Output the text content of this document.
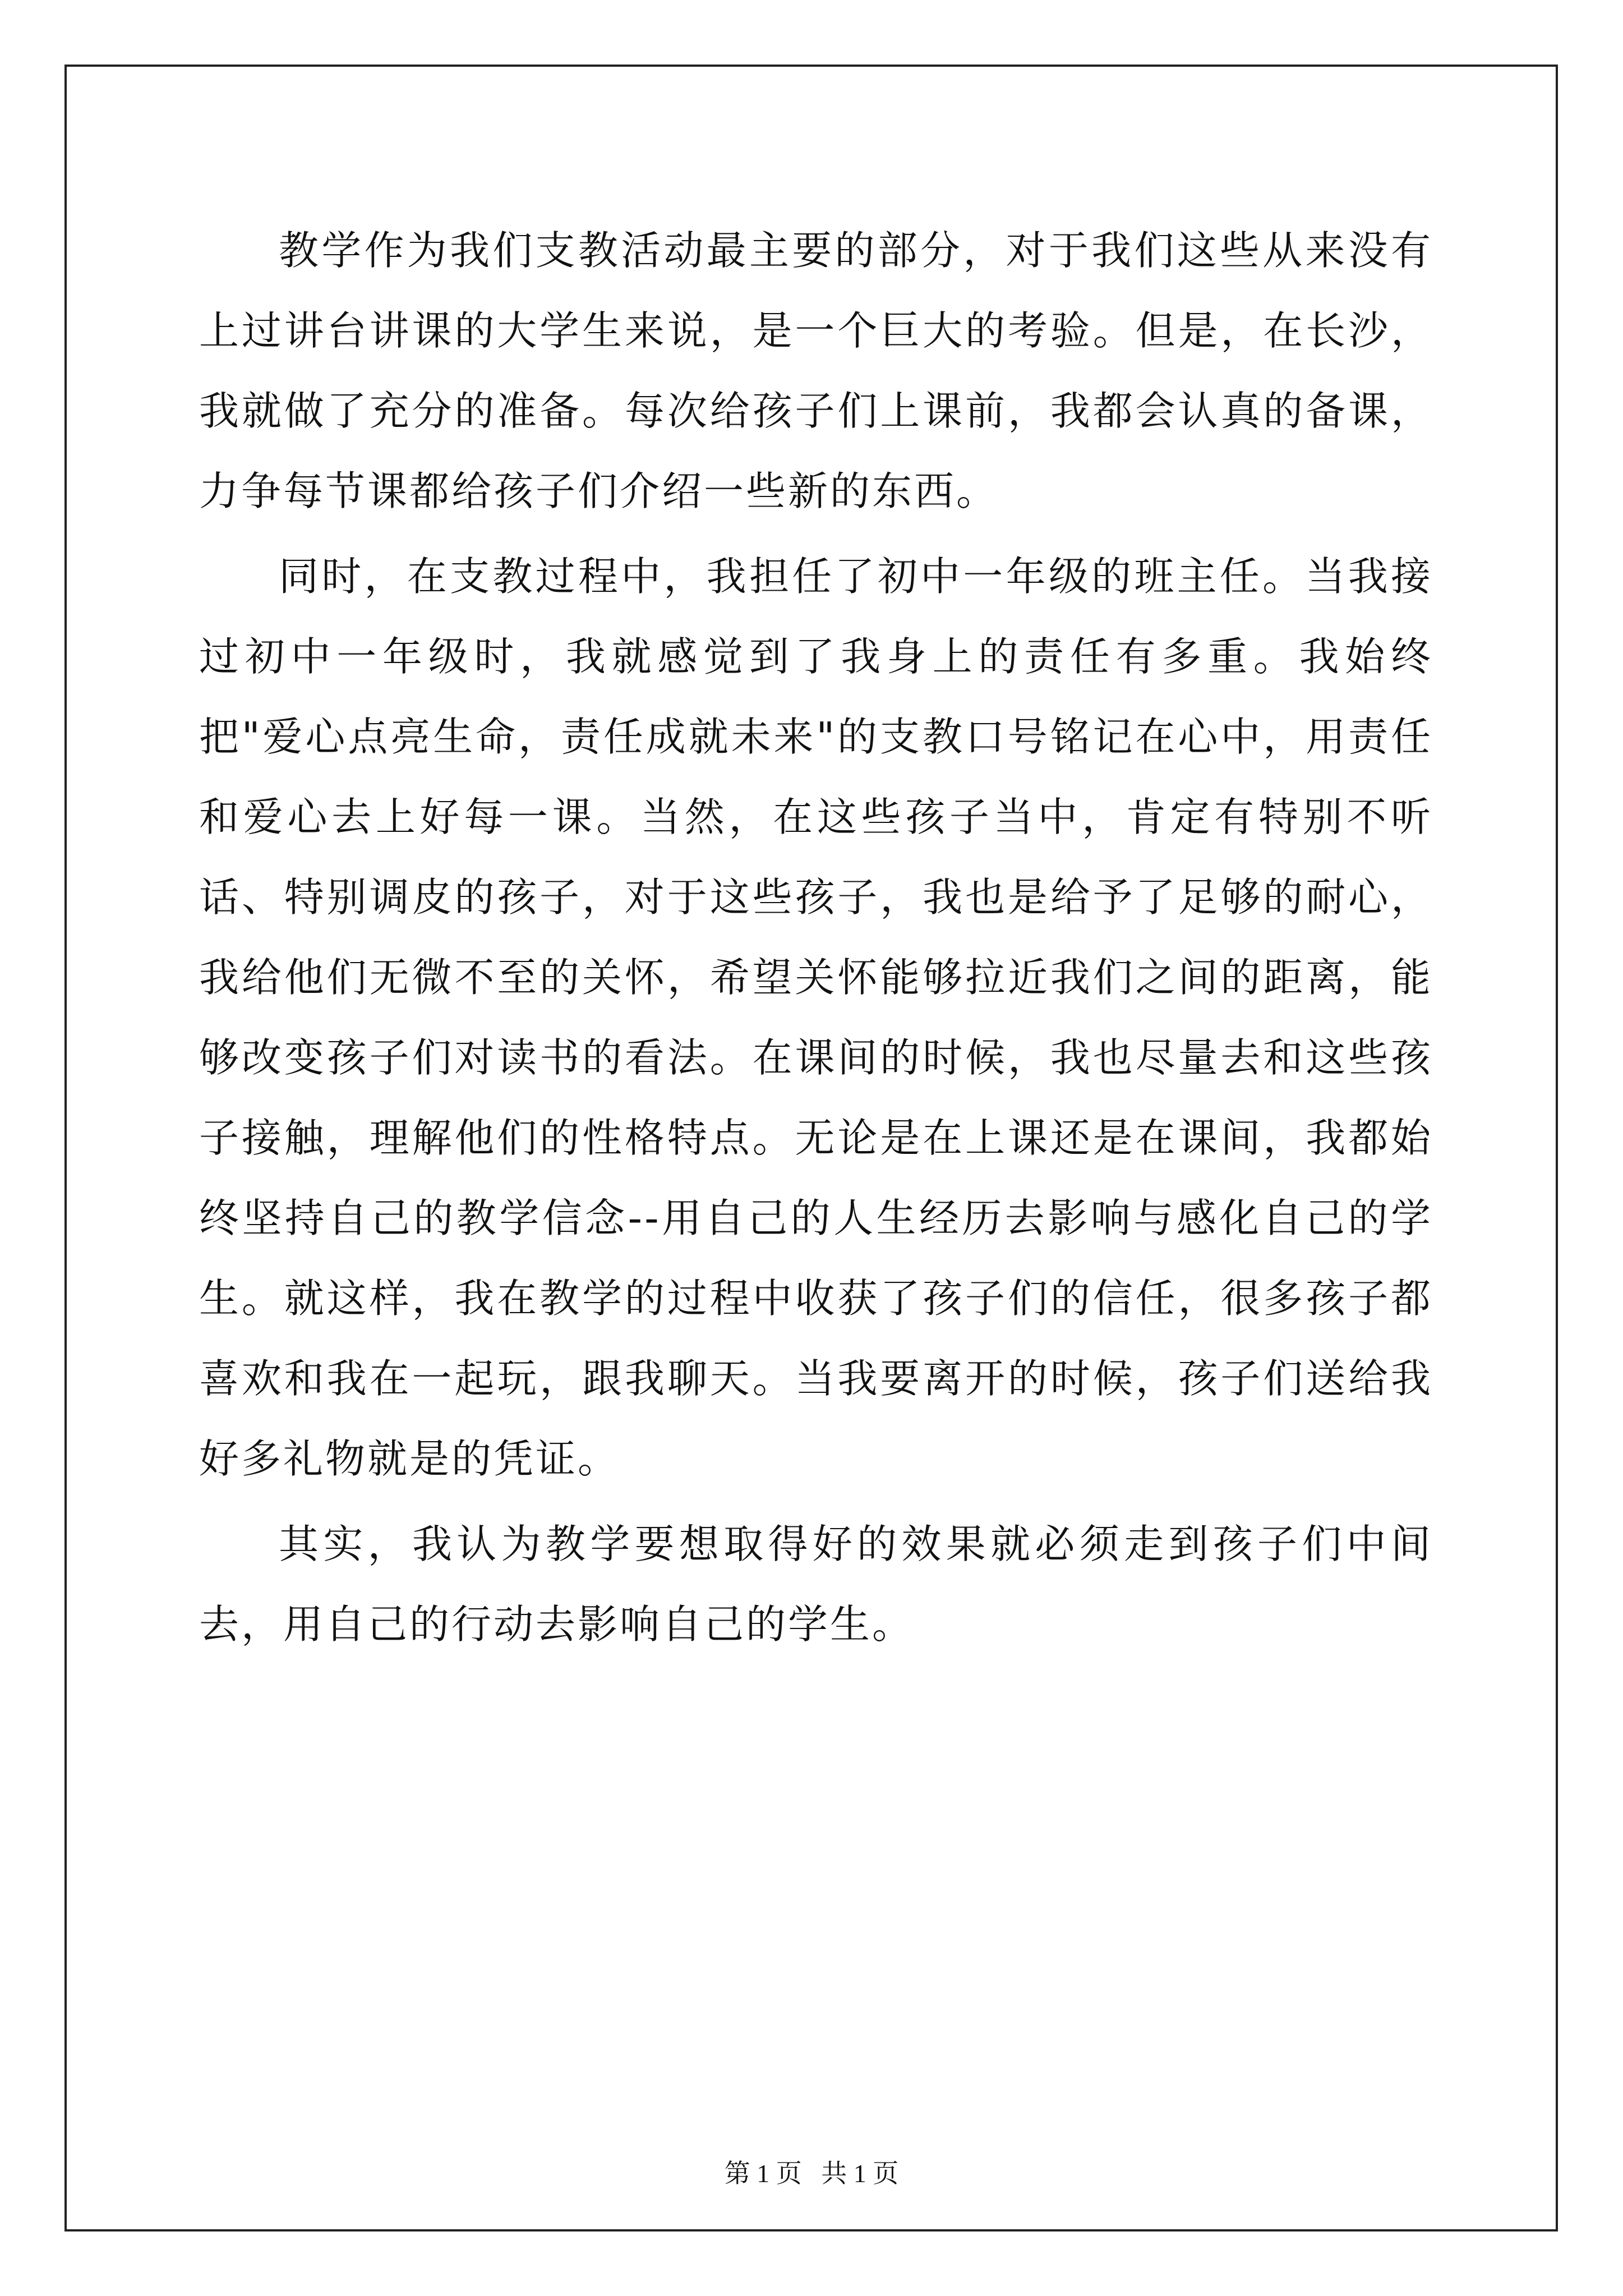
教学作为我们支教活动最主要的部分，对于我们这些从来没有上过讲台讲课的大学生来说，是一个巨大的考验。但是，在长沙，我就做了充分的准备。每次给孩子们上课前，我都会认真的备课，力争每节课都给孩子们介绍一些新的东西。

同时，在支教过程中，我担任了初中一年级的班主任。当我接过初中一年级时，我就感觉到了我身上的责任有多重。我始终把"爱心点亮生命，责任成就未来"的支教口号铭记在心中，用责任和爱心去上好每一课。当然，在这些孩子当中，肯定有特别不听话、特别调皮的孩子，对于这些孩子，我也是给予了足够的耐心，我给他们无微不至的关怀，希望关怀能够拉近我们之间的距离，能够改变孩子们对读书的看法。在课间的时候，我也尽量去和这些孩子接触，理解他们的性格特点。无论是在上课还是在课间，我都始终坚持自己的教学信念--用自己的人生经历去影响与感化自己的学生。就这样，我在教学的过程中收获了孩子们的信任，很多孩子都喜欢和我在一起玩，跟我聊天。当我要离开的时候，孩子们送给我好多礼物就是的凭证。

其实，我认为教学要想取得好的效果就必须走到孩子们中间去，用自己的行动去影响自己的学生。

第 1 页   共 1 页
